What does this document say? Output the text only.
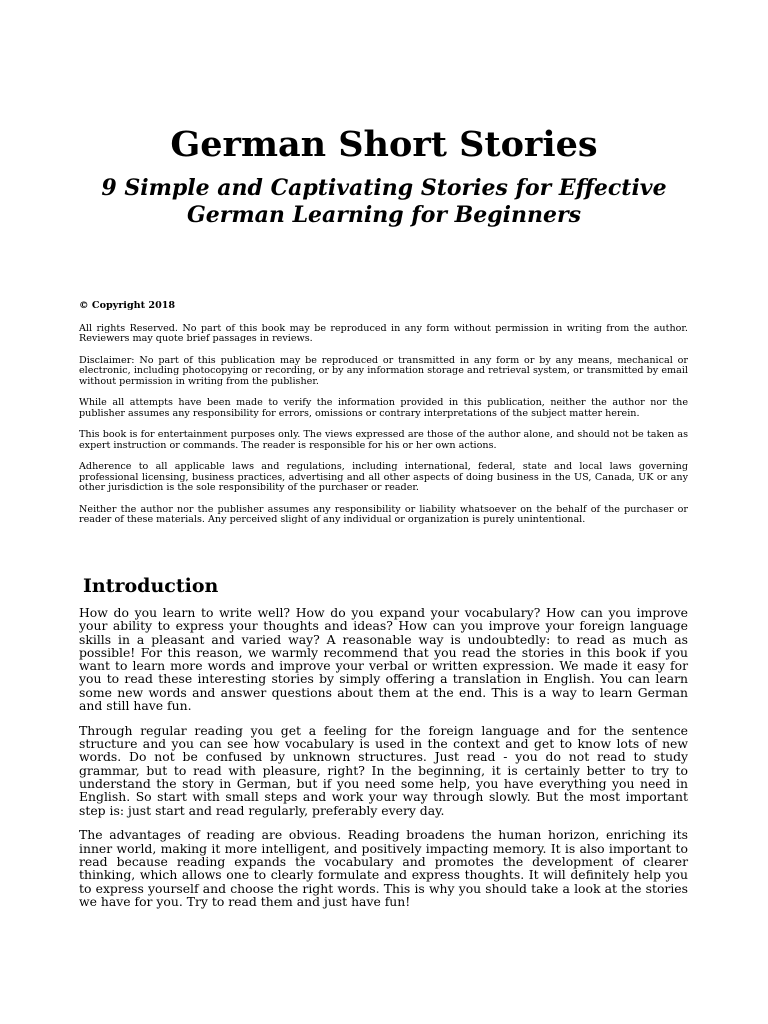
German Short Stories
9 Simple and Captivating Stories for Effective
German Learning for Beginners

© Copyright 2018

All rights Reserved. No part of this book may be reproduced in any form without permission in writing from the author. Reviewers may quote brief passages in reviews.

Disclaimer: No part of this publication may be reproduced or transmitted in any form or by any means, mechanical or electronic, including photocopying or recording, or by any information storage and retrieval system, or transmitted by email without permission in writing from the publisher.

While all attempts have been made to verify the information provided in this publication, neither the author nor the publisher assumes any responsibility for errors, omissions or contrary interpretations of the subject matter herein.

This book is for entertainment purposes only. The views expressed are those of the author alone, and should not be taken as expert instruction or commands. The reader is responsible for his or her own actions.

Adherence to all applicable laws and regulations, including international, federal, state and local laws governing professional licensing, business practices, advertising and all other aspects of doing business in the US, Canada, UK or any other jurisdiction is the sole responsibility of the purchaser or reader.

Neither the author nor the publisher assumes any responsibility or liability whatsoever on the behalf of the purchaser or reader of these materials. Any perceived slight of any individual or organization is purely unintentional.

Introduction

How do you learn to write well? How do you expand your vocabulary? How can you improve your ability to express your thoughts and ideas? How can you improve your foreign language skills in a pleasant and varied way? A reasonable way is undoubtedly: to read as much as possible! For this reason, we warmly recommend that you read the stories in this book if you want to learn more words and improve your verbal or written expression. We made it easy for you to read these interesting stories by simply offering a translation in English. You can learn some new words and answer questions about them at the end. This is a way to learn German and still have fun.

Through regular reading you get a feeling for the foreign language and for the sentence structure and you can see how vocabulary is used in the context and get to know lots of new words. Do not be confused by unknown structures. Just read - you do not read to study grammar, but to read with pleasure, right? In the beginning, it is certainly better to try to understand the story in German, but if you need some help, you have everything you need in English. So start with small steps and work your way through slowly. But the most important step is: just start and read regularly, preferably every day.

The advantages of reading are obvious. Reading broadens the human horizon, enriching its inner world, making it more intelligent, and positively impacting memory. It is also important to read because reading expands the vocabulary and promotes the development of clearer thinking, which allows one to clearly formulate and express thoughts. It will definitely help you to express yourself and choose the right words. This is why you should take a look at the stories we have for you. Try to read them and just have fun!
